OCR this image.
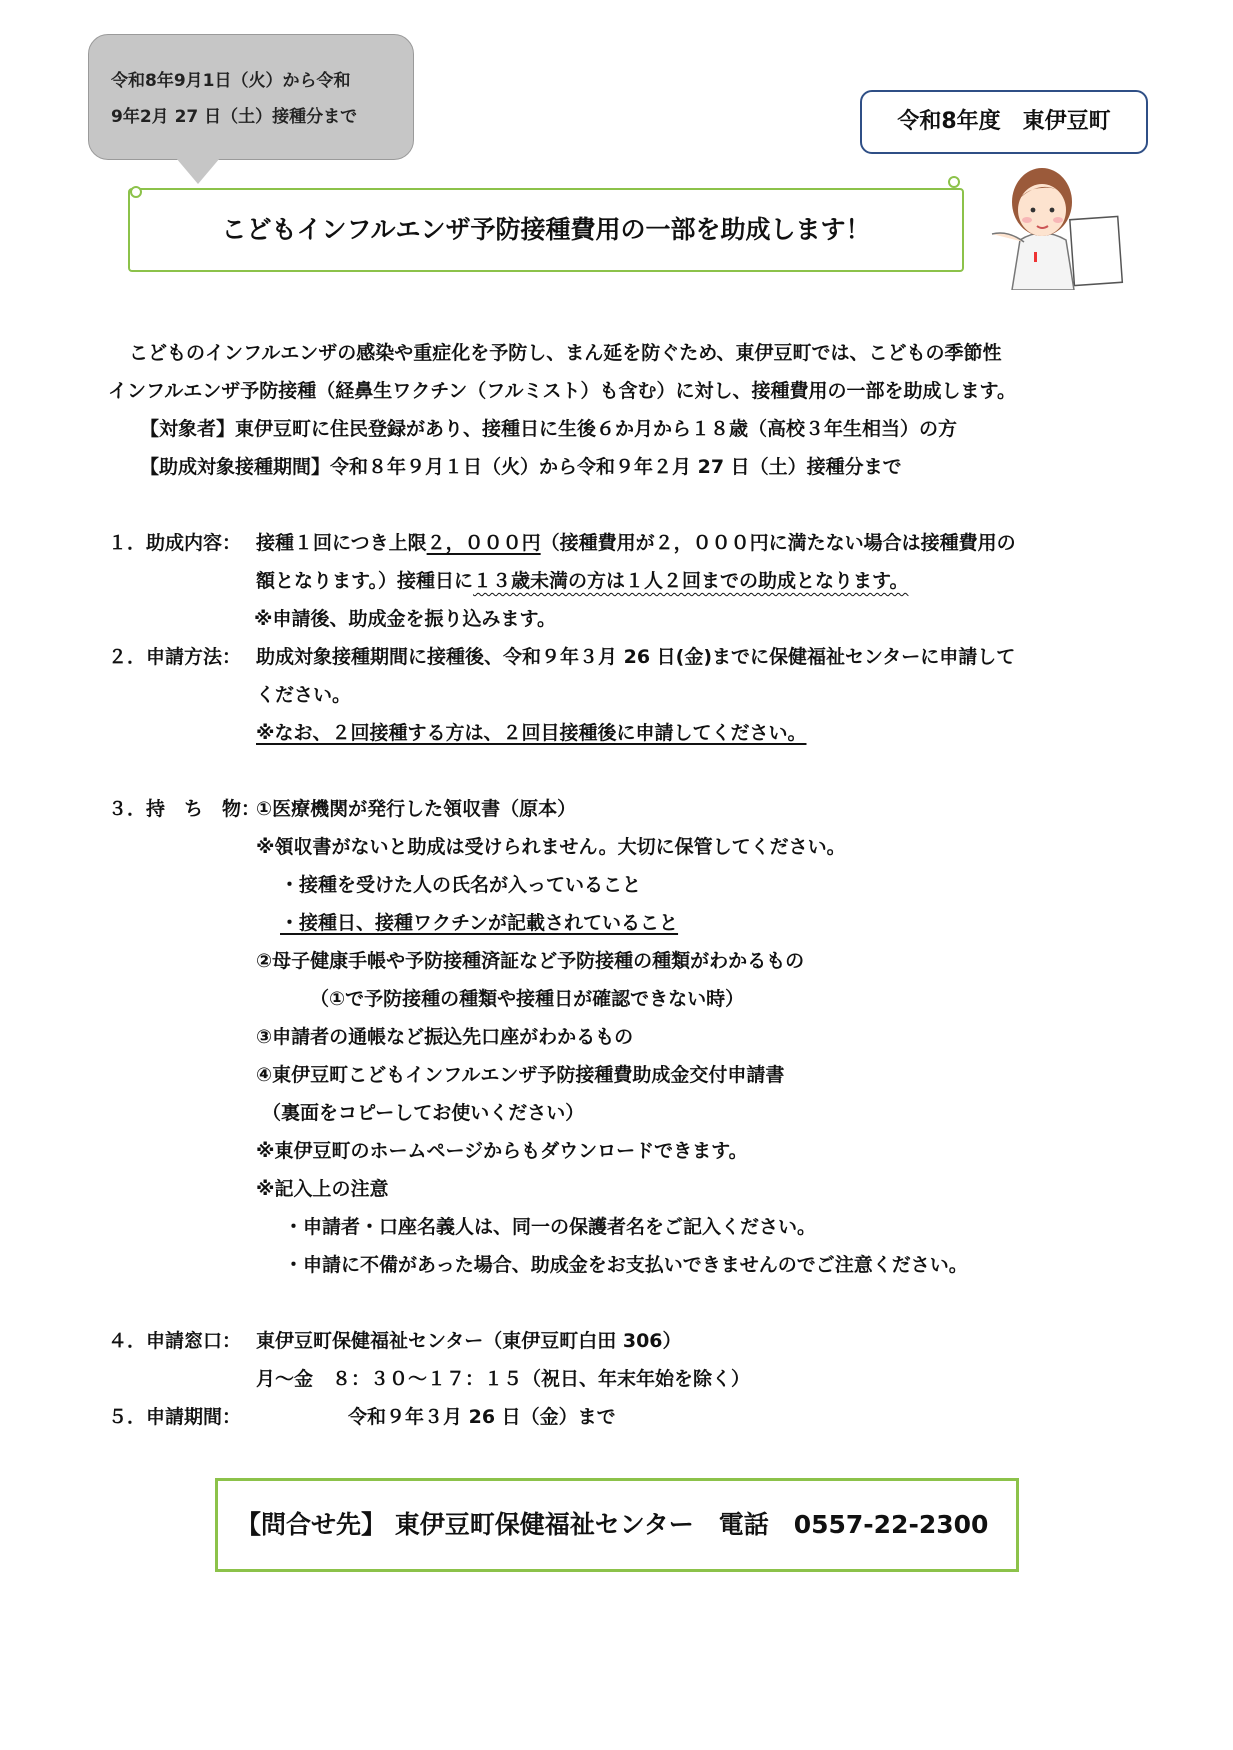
令和8年9月1日（火）から令和
9年2月 27 日（土）接種分まで	令和8年度　東伊豆町
こどもインフルエンザ予防接種費用の一部を助成します！
　こどものインフルエンザの感染や重症化を予防し、まん延を防ぐため、東伊豆町では、こどもの季節性
インフルエンザ予防接種（経鼻生ワクチン（フルミスト）も含む）に対し、接種費用の一部を助成します。
【対象者】東伊豆町に住民登録があり、接種日に生後６か月から１８歳（高校３年生相当）の方
【助成対象接種期間】令和８年９月１日（火）から令和９年２月 27 日（土）接種分まで
１．助成内容： 接種１回につき上限２，０００円（接種費用が２，０００円に満たない場合は接種費用の
額となります。）接種日に１３歳未満の方は１人２回までの助成となります。
※申請後、助成金を振り込みます。
２．申請方法： 助成対象接種期間に接種後、令和９年３月 26 日(金)までに保健福祉センターに申請して
ください。
※なお、２回接種する方は、２回目接種後に申請してください。
３．持　ち　物：
①医療機関が発行した領収書（原本）
※領収書がないと助成は受けられません。大切に保管してください。
・接種を受けた人の氏名が入っていること
・接種日、接種ワクチンが記載されていること
②母子健康手帳や予防接種済証など予防接種の種類がわかるもの
（①で予防接種の種類や接種日が確認できない時）
③申請者の通帳など振込先口座がわかるもの
④東伊豆町こどもインフルエンザ予防接種費助成金交付申請書
（裏面をコピーしてお使いください）
※東伊豆町のホームページからもダウンロードできます。
※記入上の注意
・申請者・口座名義人は、同一の保護者名をご記入ください。
・申請に不備があった場合、助成金をお支払いできませんのでご注意ください。
４．申請窓口： 東伊豆町保健福祉センター（東伊豆町白田 306）
月～金　８：３０～１７：１５（祝日、年末年始を除く）
５．申請期間：	令和９年３月 26 日（金）まで
【問合せ先】 東伊豆町保健福祉センター　電話　0557-22-2300
